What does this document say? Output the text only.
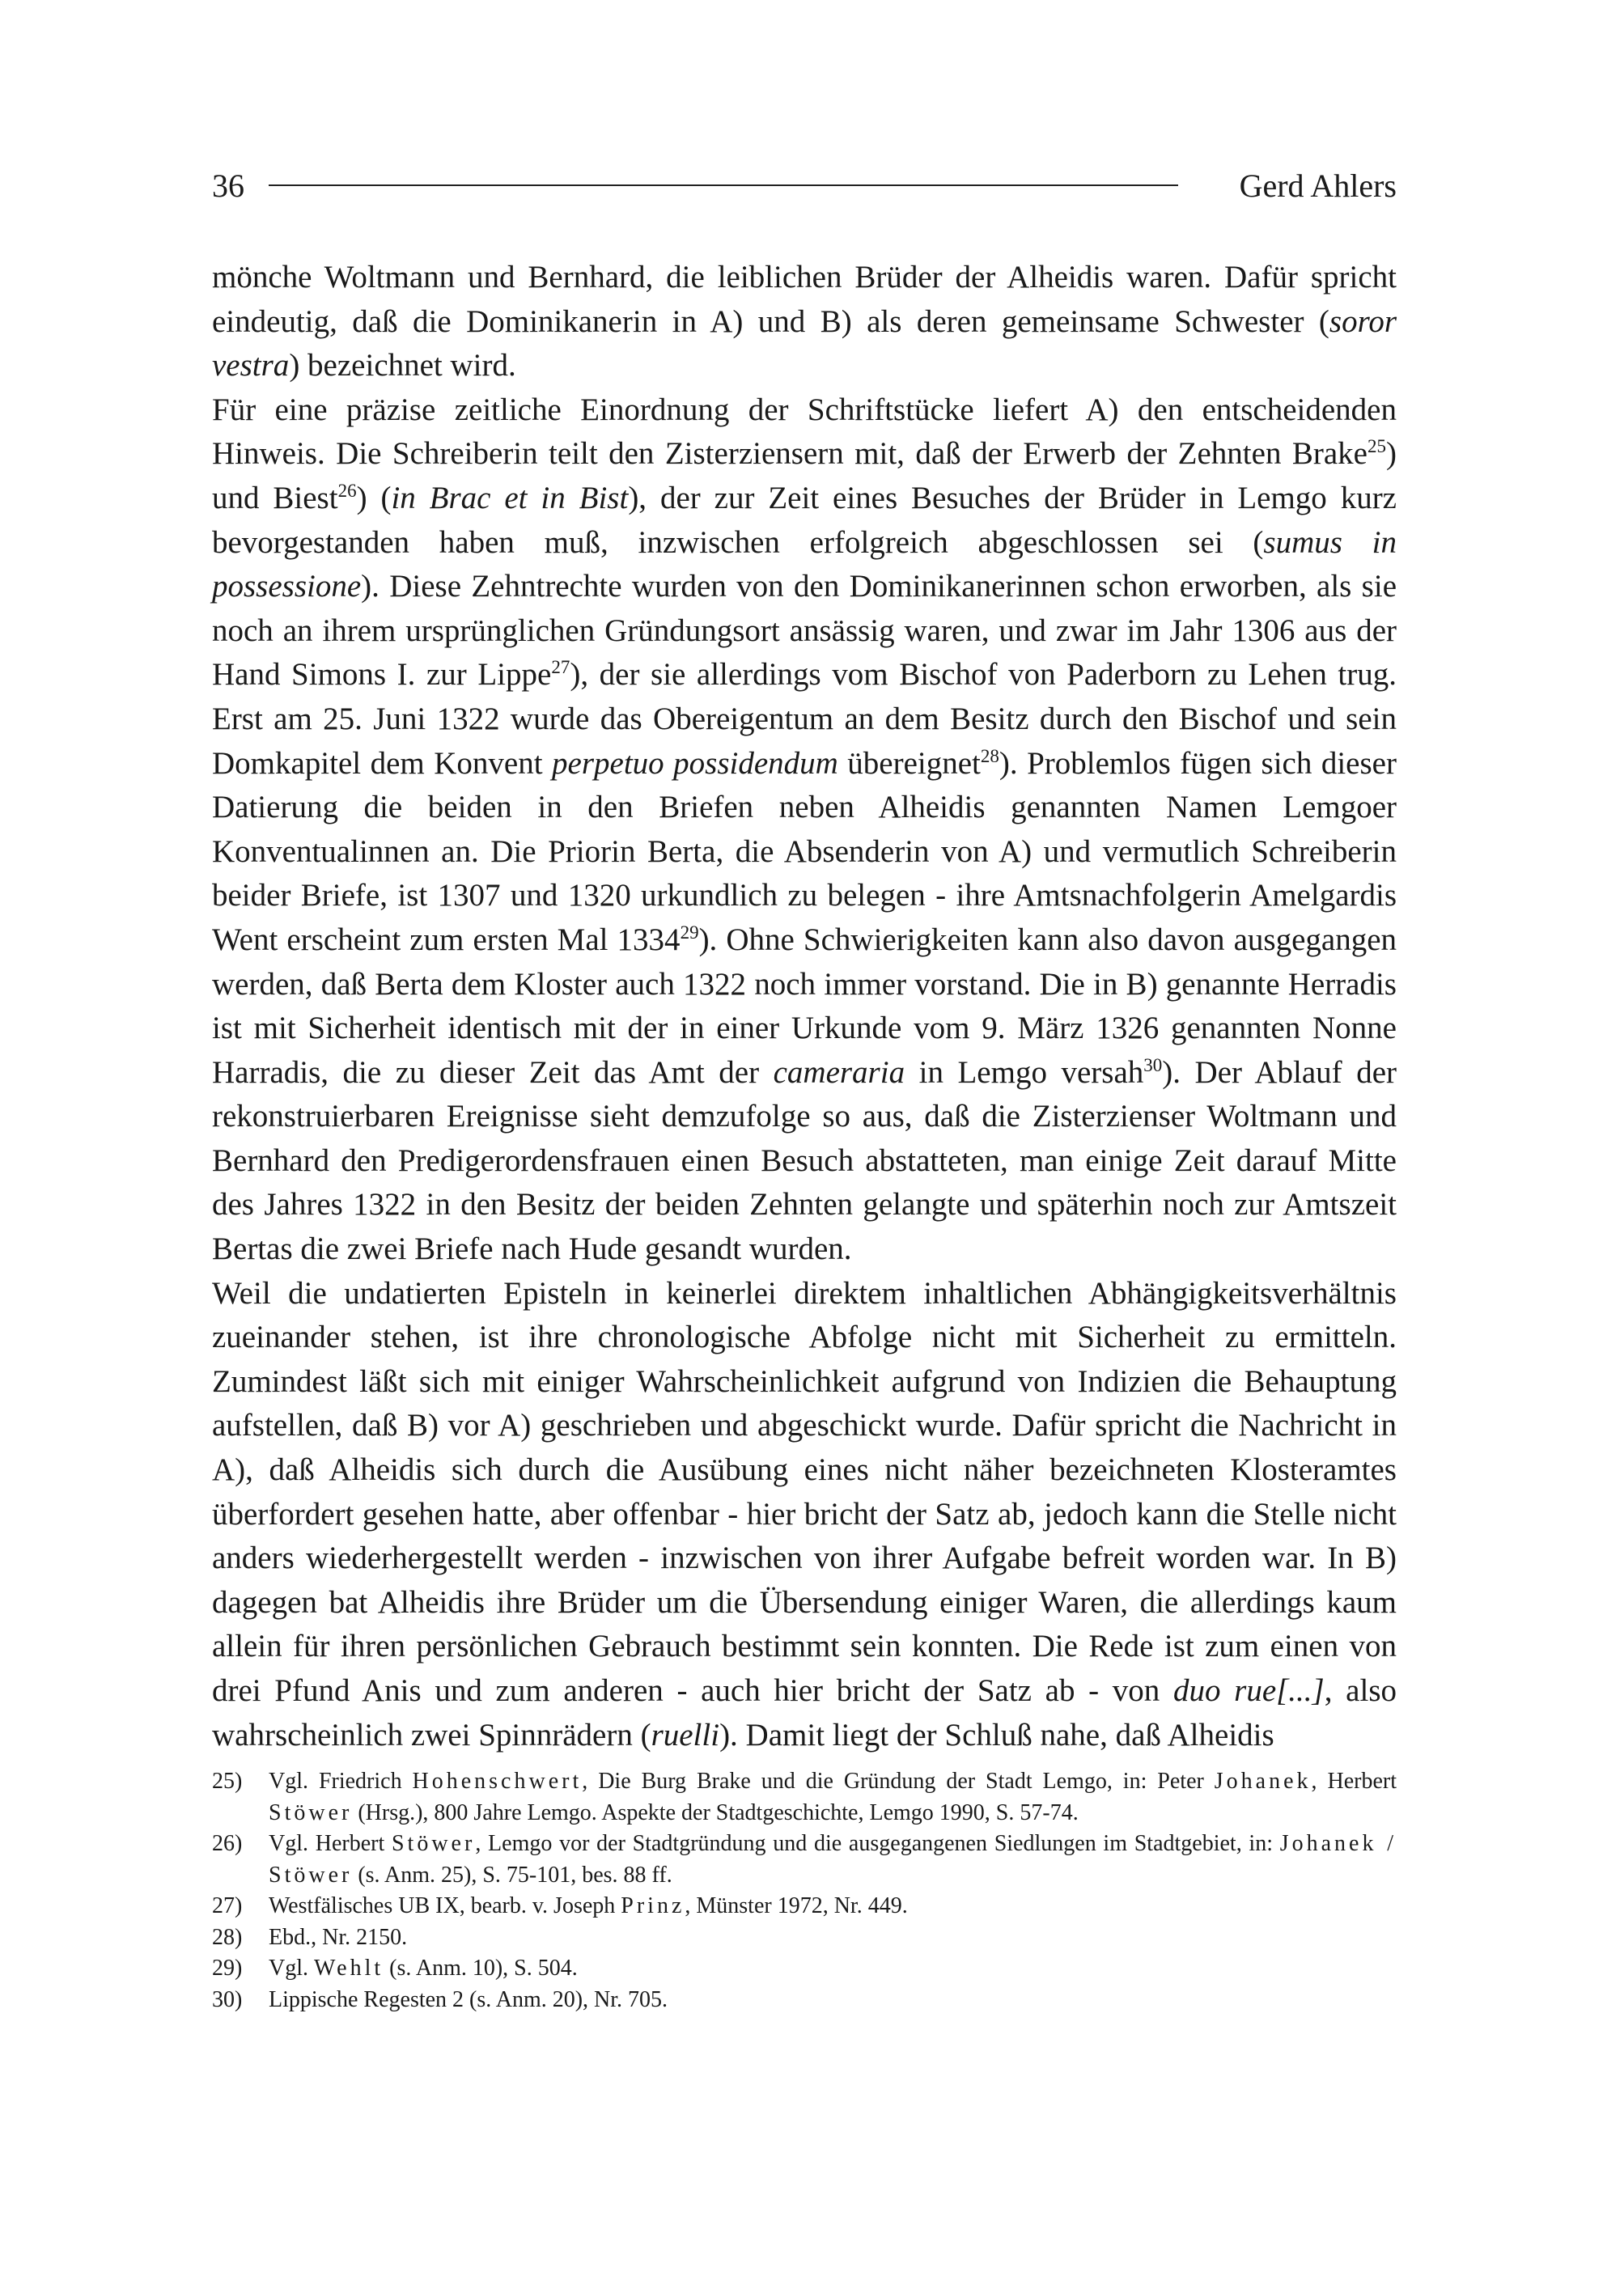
36	Gerd Ahlers

mönche Woltmann und Bernhard, die leiblichen Brüder der Alheidis waren. Dafür spricht eindeutig, daß die Dominikanerin in A) und B) als deren gemeinsame Schwester (soror vestra) bezeichnet wird.

Für eine präzise zeitliche Einordnung der Schriftstücke liefert A) den entscheidenden Hinweis. Die Schreiberin teilt den Zisterziensern mit, daß der Erwerb der Zehnten Brake$^{25}$) und Biest$^{26}$) (in Brac et in Bist), der zur Zeit eines Besuches der Brüder in Lemgo kurz bevorgestanden haben muß, inzwischen erfolgreich abgeschlossen sei (sumus in possessione). Diese Zehntrechte wurden von den Dominikanerinnen schon erworben, als sie noch an ihrem ursprünglichen Gründungsort ansässig waren, und zwar im Jahr 1306 aus der Hand Simons I. zur Lippe$^{27}$), der sie allerdings vom Bischof von Paderborn zu Lehen trug. Erst am 25. Juni 1322 wurde das Obereigentum an dem Besitz durch den Bischof und sein Domkapitel dem Konvent perpetuo possidendum übereignet$^{28}$). Problemlos fügen sich dieser Datierung die beiden in den Briefen neben Alheidis genannten Namen Lemgoer Konventualinnen an. Die Priorin Berta, die Absenderin von A) und vermutlich Schreiberin beider Briefe, ist 1307 und 1320 urkundlich zu belegen - ihre Amtsnachfolgerin Amelgardis Went erscheint zum ersten Mal 1334$^{29}$). Ohne Schwierigkeiten kann also davon ausgegangen werden, daß Berta dem Kloster auch 1322 noch immer vorstand. Die in B) genannte Herradis ist mit Sicherheit identisch mit der in einer Urkunde vom 9. März 1326 genannten Nonne Harradis, die zu dieser Zeit das Amt der cameraria in Lemgo versah$^{30}$). Der Ablauf der rekonstruierbaren Ereignisse sieht demzufolge so aus, daß die Zisterzienser Woltmann und Bernhard den Predigerordensfrauen einen Besuch abstatteten, man einige Zeit darauf Mitte des Jahres 1322 in den Besitz der beiden Zehnten gelangte und späterhin noch zur Amtszeit Bertas die zwei Briefe nach Hude gesandt wurden.

Weil die undatierten Episteln in keinerlei direktem inhaltlichen Abhängigkeitsverhältnis zueinander stehen, ist ihre chronologische Abfolge nicht mit Sicherheit zu ermitteln. Zumindest läßt sich mit einiger Wahrscheinlichkeit aufgrund von Indizien die Behauptung aufstellen, daß B) vor A) geschrieben und abgeschickt wurde. Dafür spricht die Nachricht in A), daß Alheidis sich durch die Ausübung eines nicht näher bezeichneten Klosteramtes überfordert gesehen hatte, aber offenbar - hier bricht der Satz ab, jedoch kann die Stelle nicht anders wiederhergestellt werden - inzwischen von ihrer Aufgabe befreit worden war. In B) dagegen bat Alheidis ihre Brüder um die Übersendung einiger Waren, die allerdings kaum allein für ihren persönlichen Gebrauch bestimmt sein konnten. Die Rede ist zum einen von drei Pfund Anis und zum anderen - auch hier bricht der Satz ab - von duo rue[...], also wahrscheinlich zwei Spinnrädern (ruelli). Damit liegt der Schluß nahe, daß Alheidis

25) Vgl. Friedrich Hohenschwert, Die Burg Brake und die Gründung der Stadt Lemgo, in: Peter Johanek, Herbert Stöwer (Hrsg.), 800 Jahre Lemgo. Aspekte der Stadtgeschichte, Lemgo 1990, S. 57-74.
26) Vgl. Herbert Stöwer, Lemgo vor der Stadtgründung und die ausgegangenen Siedlungen im Stadtgebiet, in: Johanek / Stöwer (s. Anm. 25), S. 75-101, bes. 88 ff.
27) Westfälisches UB IX, bearb. v. Joseph Prinz, Münster 1972, Nr. 449.
28) Ebd., Nr. 2150.
29) Vgl. Wehlt (s. Anm. 10), S. 504.
30) Lippische Regesten 2 (s. Anm. 20), Nr. 705.
